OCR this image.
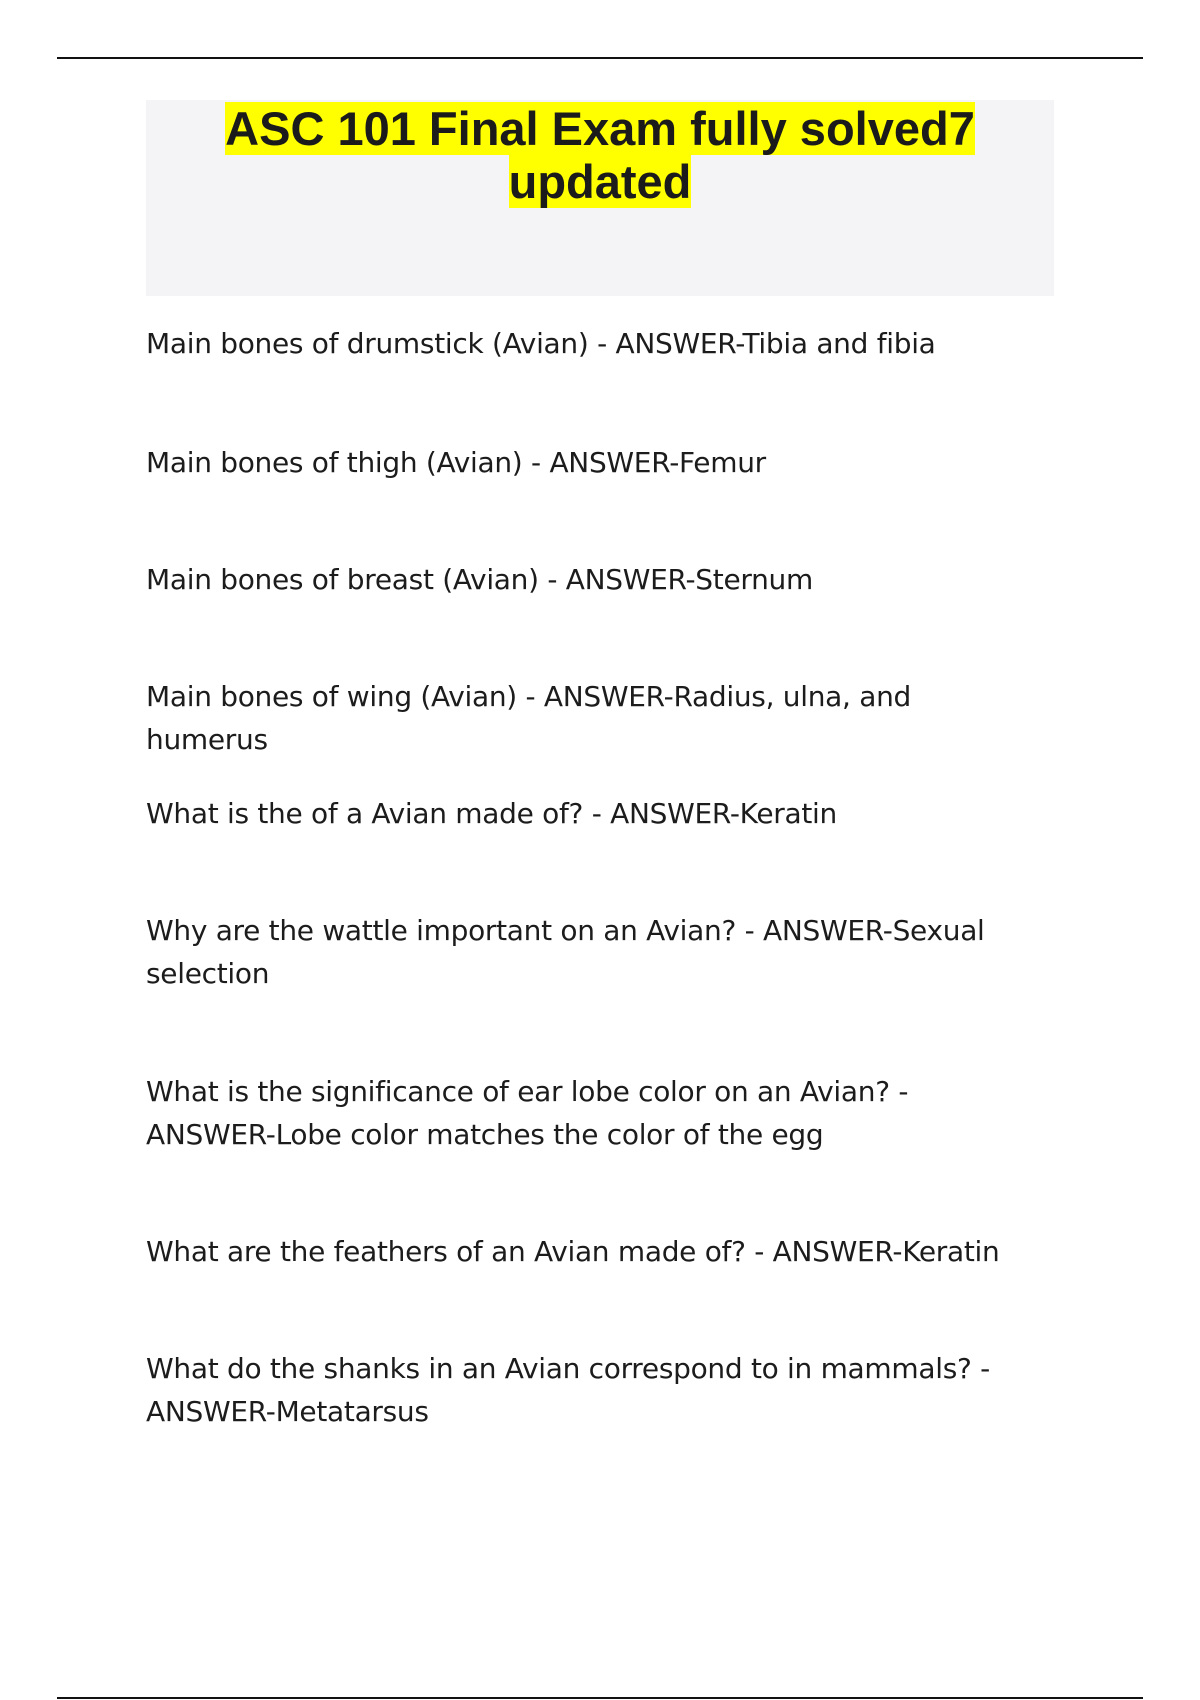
ASC 101 Final Exam fully solved7 updated
Main bones of drumstick (Avian) - ANSWER-Tibia and fibia
Main bones of thigh (Avian) - ANSWER-Femur
Main bones of breast (Avian) - ANSWER-Sternum
Main bones of wing (Avian) - ANSWER-Radius, ulna, and humerus
What is the of a Avian made of? - ANSWER-Keratin
Why are the wattle important on an Avian? - ANSWER-Sexual selection
What is the significance of ear lobe color on an Avian? - ANSWER-Lobe color matches the color of the egg
What are the feathers of an Avian made of? - ANSWER-Keratin
What do the shanks in an Avian correspond to in mammals? - ANSWER-Metatarsus
